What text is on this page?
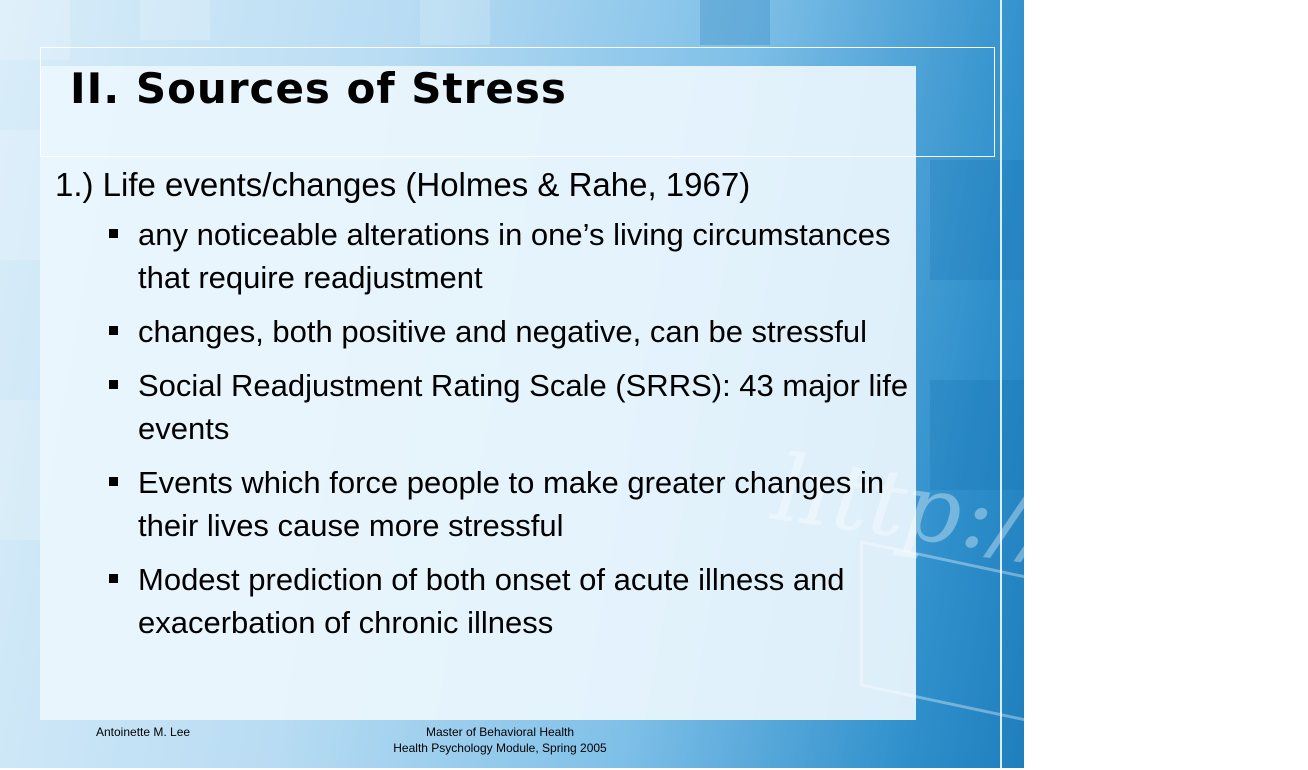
http://www
II. Sources of Stress

1.) Life events/changes (Holmes & Rahe, 1967)

any noticeable alterations in one’s living circumstances that require readjustment
changes, both positive and negative, can be stressful
Social Readjustment Rating Scale (SRRS): 43 major life events
Events which force people to make greater changes in their lives cause more stressful
Modest prediction of both onset of acute illness and exacerbation of chronic illness
Antoinette M. Lee	Master of Behavioral Health
Health Psychology Module, Spring 2005
